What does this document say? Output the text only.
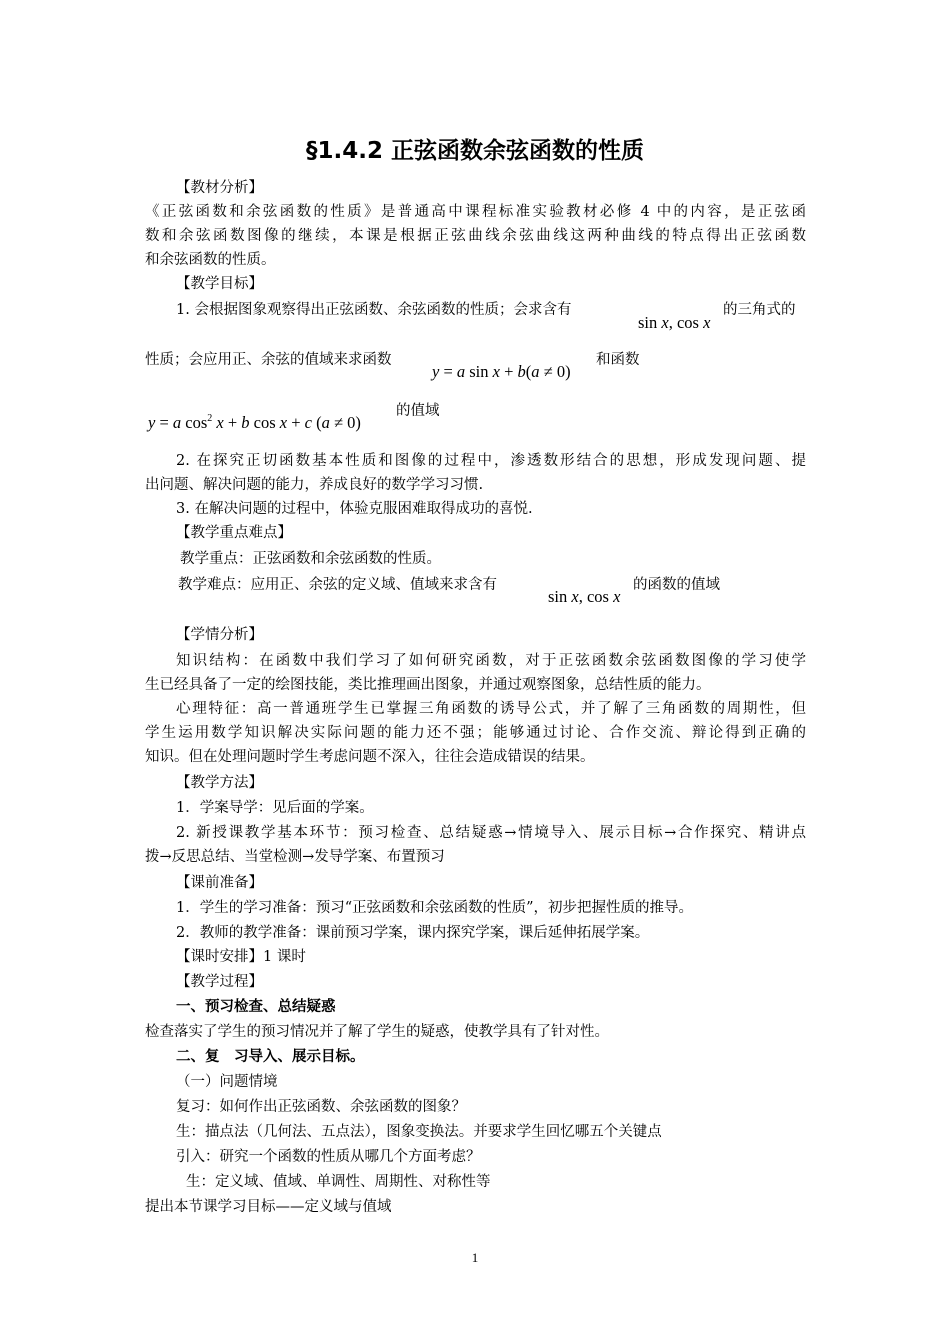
§1.4.2 正弦函数余弦函数的性质
【教材分析】
《正弦函数和余弦函数的性质》是普通高中课程标准实验教材必修 4 中的内容，是正弦函
数和余弦函数图像的继续，本课是根据正弦曲线余弦曲线这两种曲线的特点得出正弦函数
和余弦函数的性质。
【教学目标】
1. 会根据图象观察得出正弦函数、余弦函数的性质；会求含有
sin x, cos x
的三角式的
性质；会应用正、余弦的值域来求函数
y = a sin x + b(a ≠ 0)
和函数
y = a $\cos^2 x + b$ cos x + c (a ≠ 0)
的值域
2. 在探究正切函数基本性质和图像的过程中，渗透数形结合的思想，形成发现问题、提
出问题、解决问题的能力，养成良好的数学学习习惯.
3. 在解决问题的过程中，体验克服困难取得成功的喜悦.
【教学重点难点】
教学重点：正弦函数和余弦函数的性质。
教学难点：应用正、余弦的定义域、值域来求含有
sin x, cos x
的函数的值域
【学情分析】
知识结构：在函数中我们学习了如何研究函数，对于正弦函数余弦函数图像的学习使学
生已经具备了一定的绘图技能，类比推理画出图象，并通过观察图象，总结性质的能力。
心理特征：高一普通班学生已掌握三角函数的诱导公式，并了解了三角函数的周期性，但
学生运用数学知识解决实际问题的能力还不强；能够通过讨论、合作交流、辩论得到正确的
知识。但在处理问题时学生考虑问题不深入，往往会造成错误的结果。
【教学方法】
1．学案导学：见后面的学案。
2. 新授课教学基本环节：预习检查、总结疑惑→情境导入、展示目标→合作探究、精讲点
拨→反思总结、当堂检测→发导学案、布置预习
【课前准备】
1．学生的学习准备：预习“正弦函数和余弦函数的性质”，初步把握性质的推导。
2．教师的教学准备：课前预习学案，课内探究学案，课后延伸拓展学案。
【课时安排】1 课时
【教学过程】
一、预习检查、总结疑惑
检查落实了学生的预习情况并了解了学生的疑惑，使教学具有了针对性。
二、复　习导入、展示目标。
（一）问题情境
复习：如何作出正弦函数、余弦函数的图象？
生：描点法（几何法、五点法），图象变换法。并要求学生回忆哪五个关键点
引入：研究一个函数的性质从哪几个方面考虑？
生：定义域、值域、单调性、周期性、对称性等
提出本节课学习目标——定义域与值域
1
